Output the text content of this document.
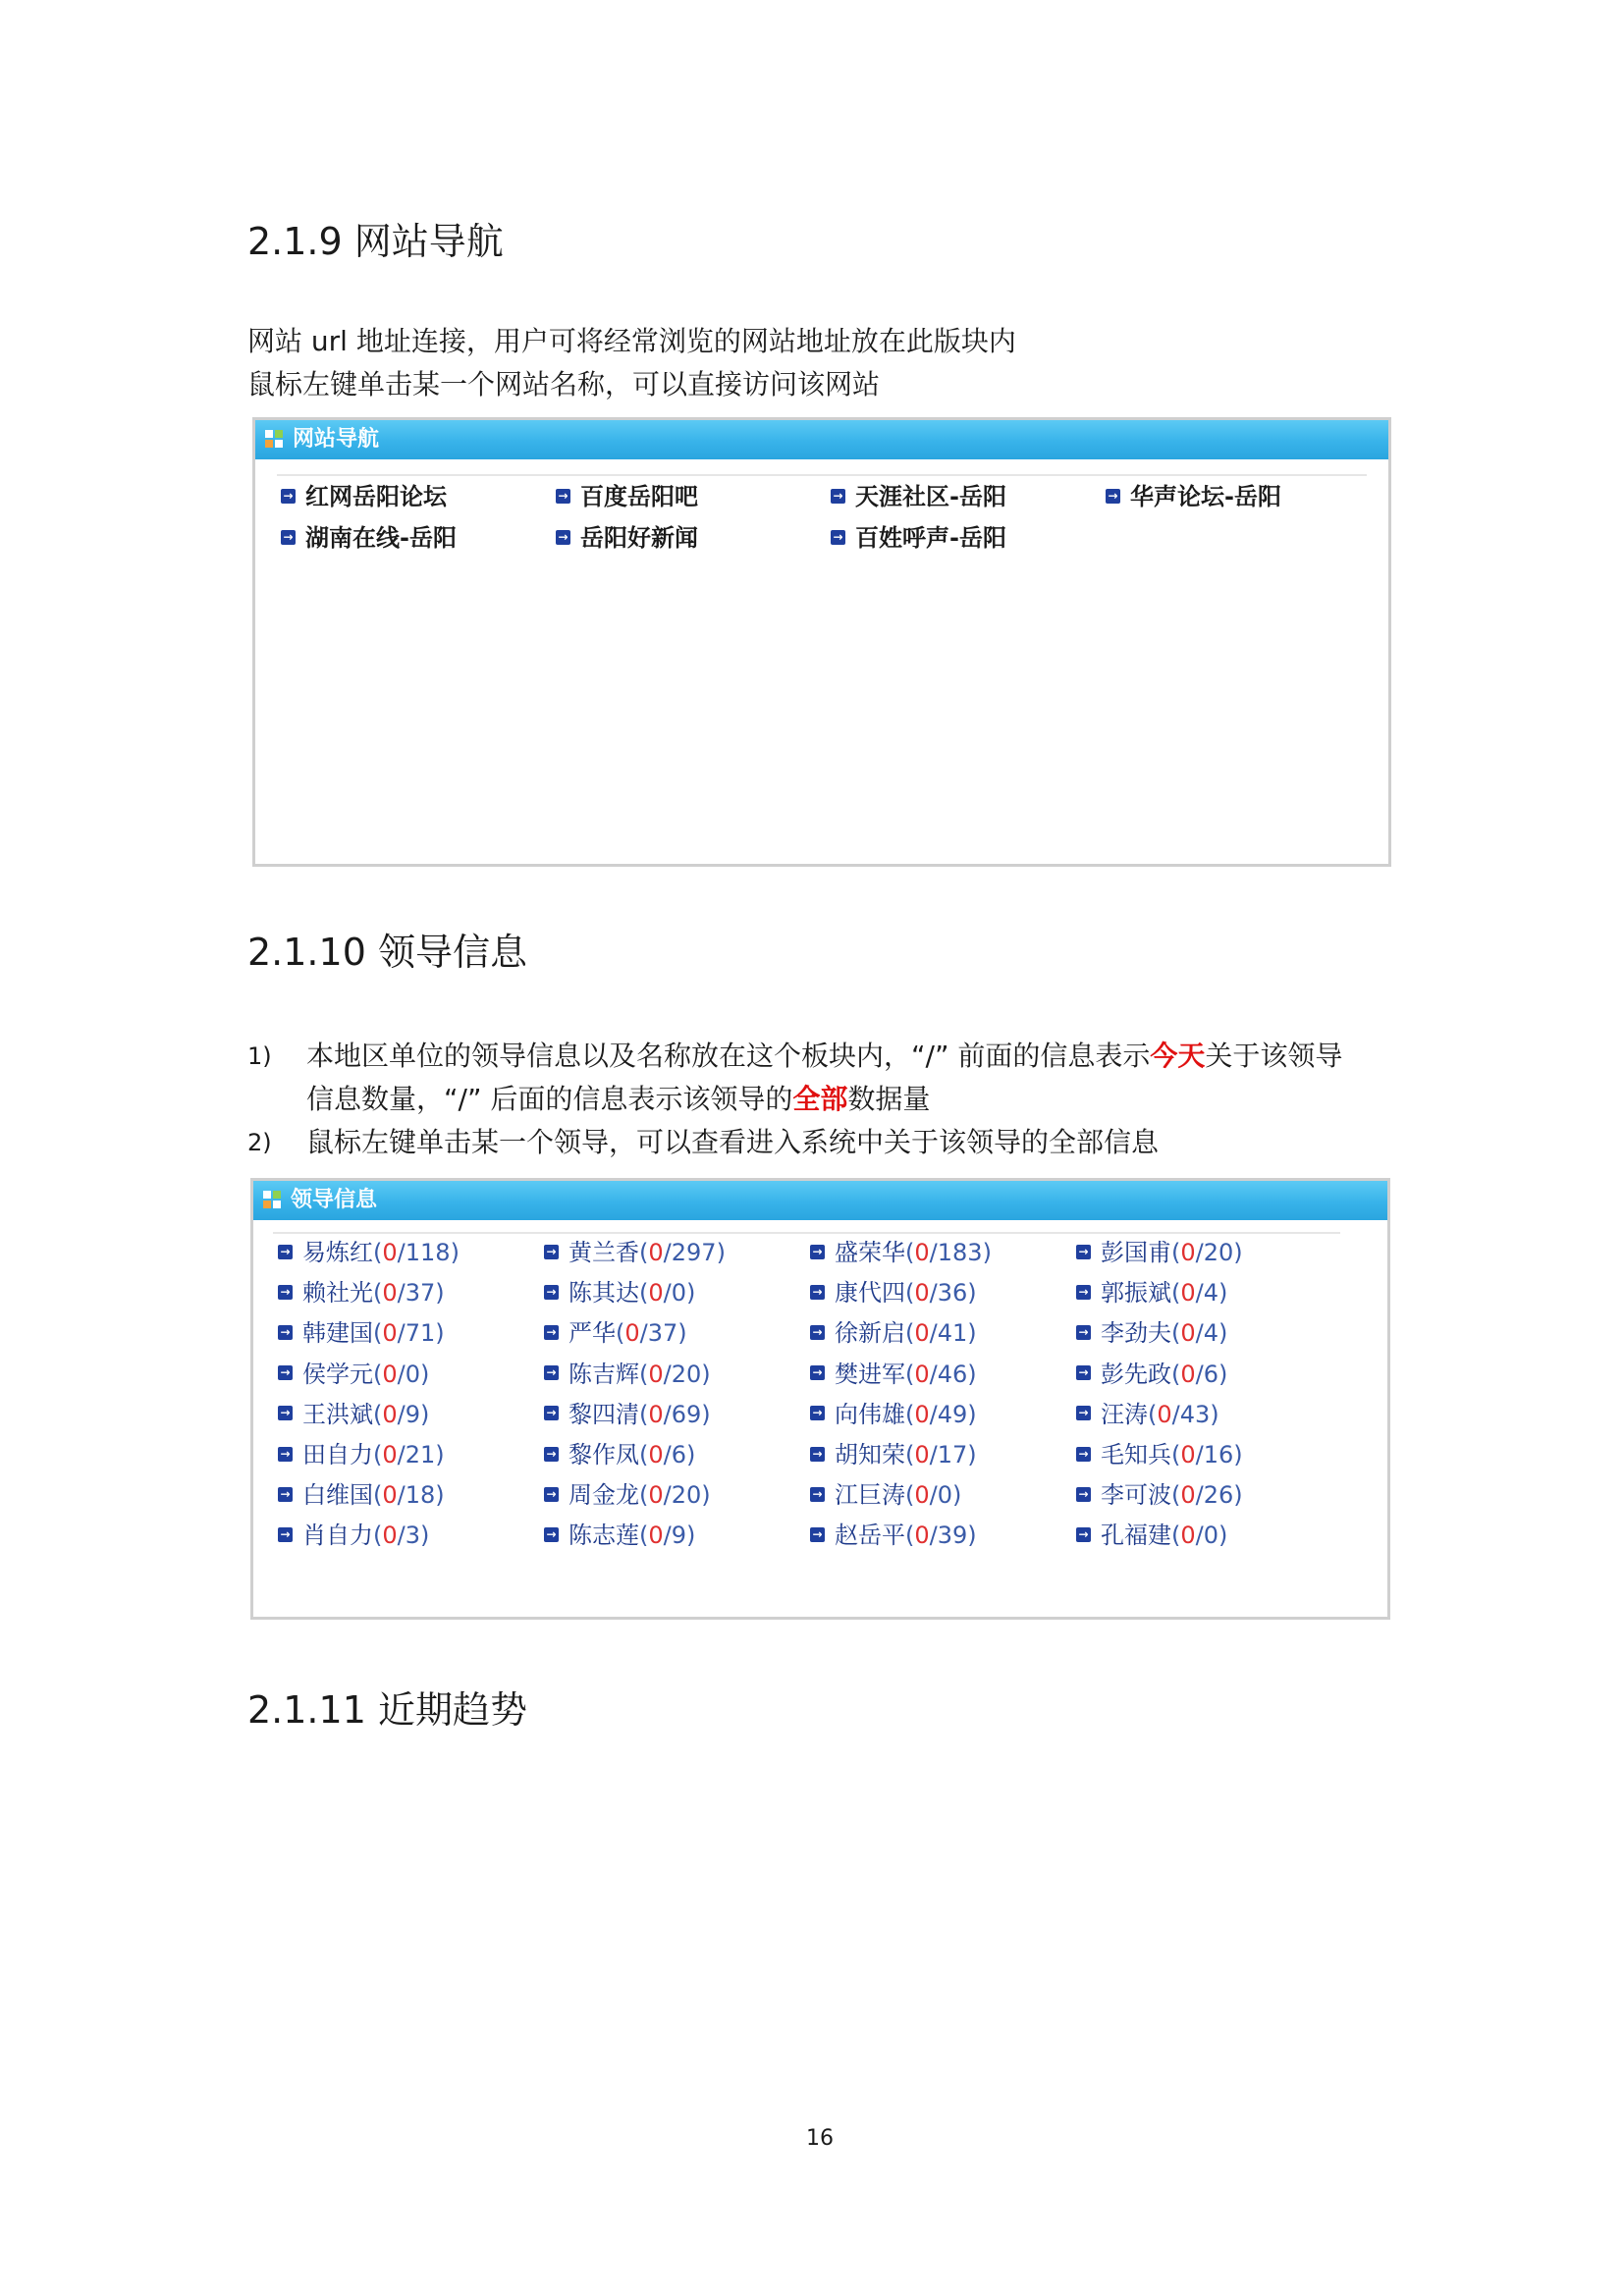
2.1.9 网站导航
网站 url 地址连接，用户可将经常浏览的网站地址放在此版块内
鼠标左键单击某一个网站名称，可以直接访问该网站
网站导航
→ 红网岳阳论坛	→ 百度岳阳吧	→ 天涯社区-岳阳	→ 华声论坛-岳阳
→ 湖南在线-岳阳	→ 岳阳好新闻	→ 百姓呼声-岳阳
2.1.10 领导信息
1) 本地区单位的领导信息以及名称放在这个板块内，“/” 前面的信息表示今天关于该领导
信息数量，“/” 后面的信息表示该领导的全部数据量
2) 鼠标左键单击某一个领导，可以查看进入系统中关于该领导的全部信息
领导信息
→ 易炼红(0/118)	→ 黄兰香(0/297)	→ 盛荣华(0/183)	→ 彭国甫(0/20)
→ 赖社光(0/37)	→ 陈其达(0/0)	→ 康代四(0/36)	→ 郭振斌(0/4)
→ 韩建国(0/71)	→ 严华(0/37)	→ 徐新启(0/41)	→ 李劲夫(0/4)
→ 侯学元(0/0)	→ 陈吉辉(0/20)	→ 樊进军(0/46)	→ 彭先政(0/6)
→ 王洪斌(0/9)	→ 黎四清(0/69)	→ 向伟雄(0/49)	→ 汪涛(0/43)
→ 田自力(0/21)	→ 黎作凤(0/6)	→ 胡知荣(0/17)	→ 毛知兵(0/16)
→ 白维国(0/18)	→ 周金龙(0/20)	→ 江巨涛(0/0)	→ 李可波(0/26)
→ 肖自力(0/3)	→ 陈志莲(0/9)	→ 赵岳平(0/39)	→ 孔福建(0/0)
2.1.11 近期趋势
16
